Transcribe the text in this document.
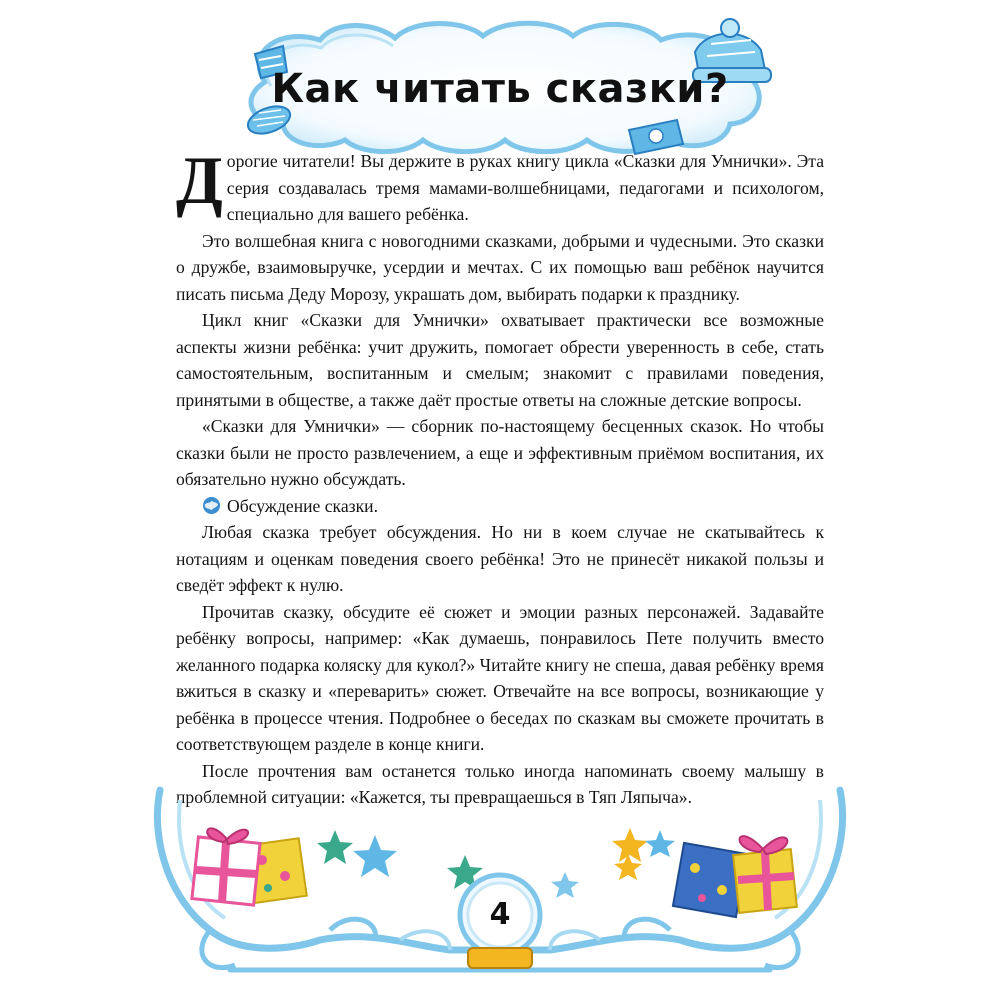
Как читать сказки?

Дорогие читатели! Вы держите в руках книгу цикла «Сказки для Умнички». Эта серия создавалась тремя мамами-волшебницами, педагогами и психологом, специально для вашего ребёнка.

Это волшебная книга с новогодними сказками, добрыми и чудесными. Это сказки о дружбе, взаимовыручке, усердии и мечтах. С их помощью ваш ребёнок научится писать письма Деду Морозу, украшать дом, выбирать подарки к празднику.

Цикл книг «Сказки для Умнички» охватывает практически все возможные аспекты жизни ребёнка: учит дружить, помогает обрести уверенность в себе, стать самостоятельным, воспитанным и смелым; знакомит с правилами поведения, принятыми в обществе, а также даёт простые ответы на сложные детские вопросы.

«Сказки для Умнички» — сборник по-настоящему бесценных сказок. Но чтобы сказки были не просто развлечением, а еще и эффективным приёмом воспитания, их обязательно нужно обсуждать.

Обсуждение сказки.

Любая сказка требует обсуждения. Но ни в коем случае не скатывайтесь к нотациям и оценкам поведения своего ребёнка! Это не принесёт никакой пользы и сведёт эффект к нулю.

Прочитав сказку, обсудите её сюжет и эмоции разных персонажей. Задавайте ребёнку вопросы, например: «Как думаешь, понравилось Пете получить вместо желанного подарка коляску для кукол?» Читайте книгу не спеша, давая ребёнку время вжиться в сказку и «переварить» сюжет. Отвечайте на все вопросы, возникающие у ребёнка в процессе чтения. Подробнее о беседах по сказкам вы сможете прочитать в соответствующем разделе в конце книги.

После прочтения вам останется только иногда напоминать своему малышу в проблемной ситуации: «Кажется, ты превращаешься в Тяп Ляпыча».

4
